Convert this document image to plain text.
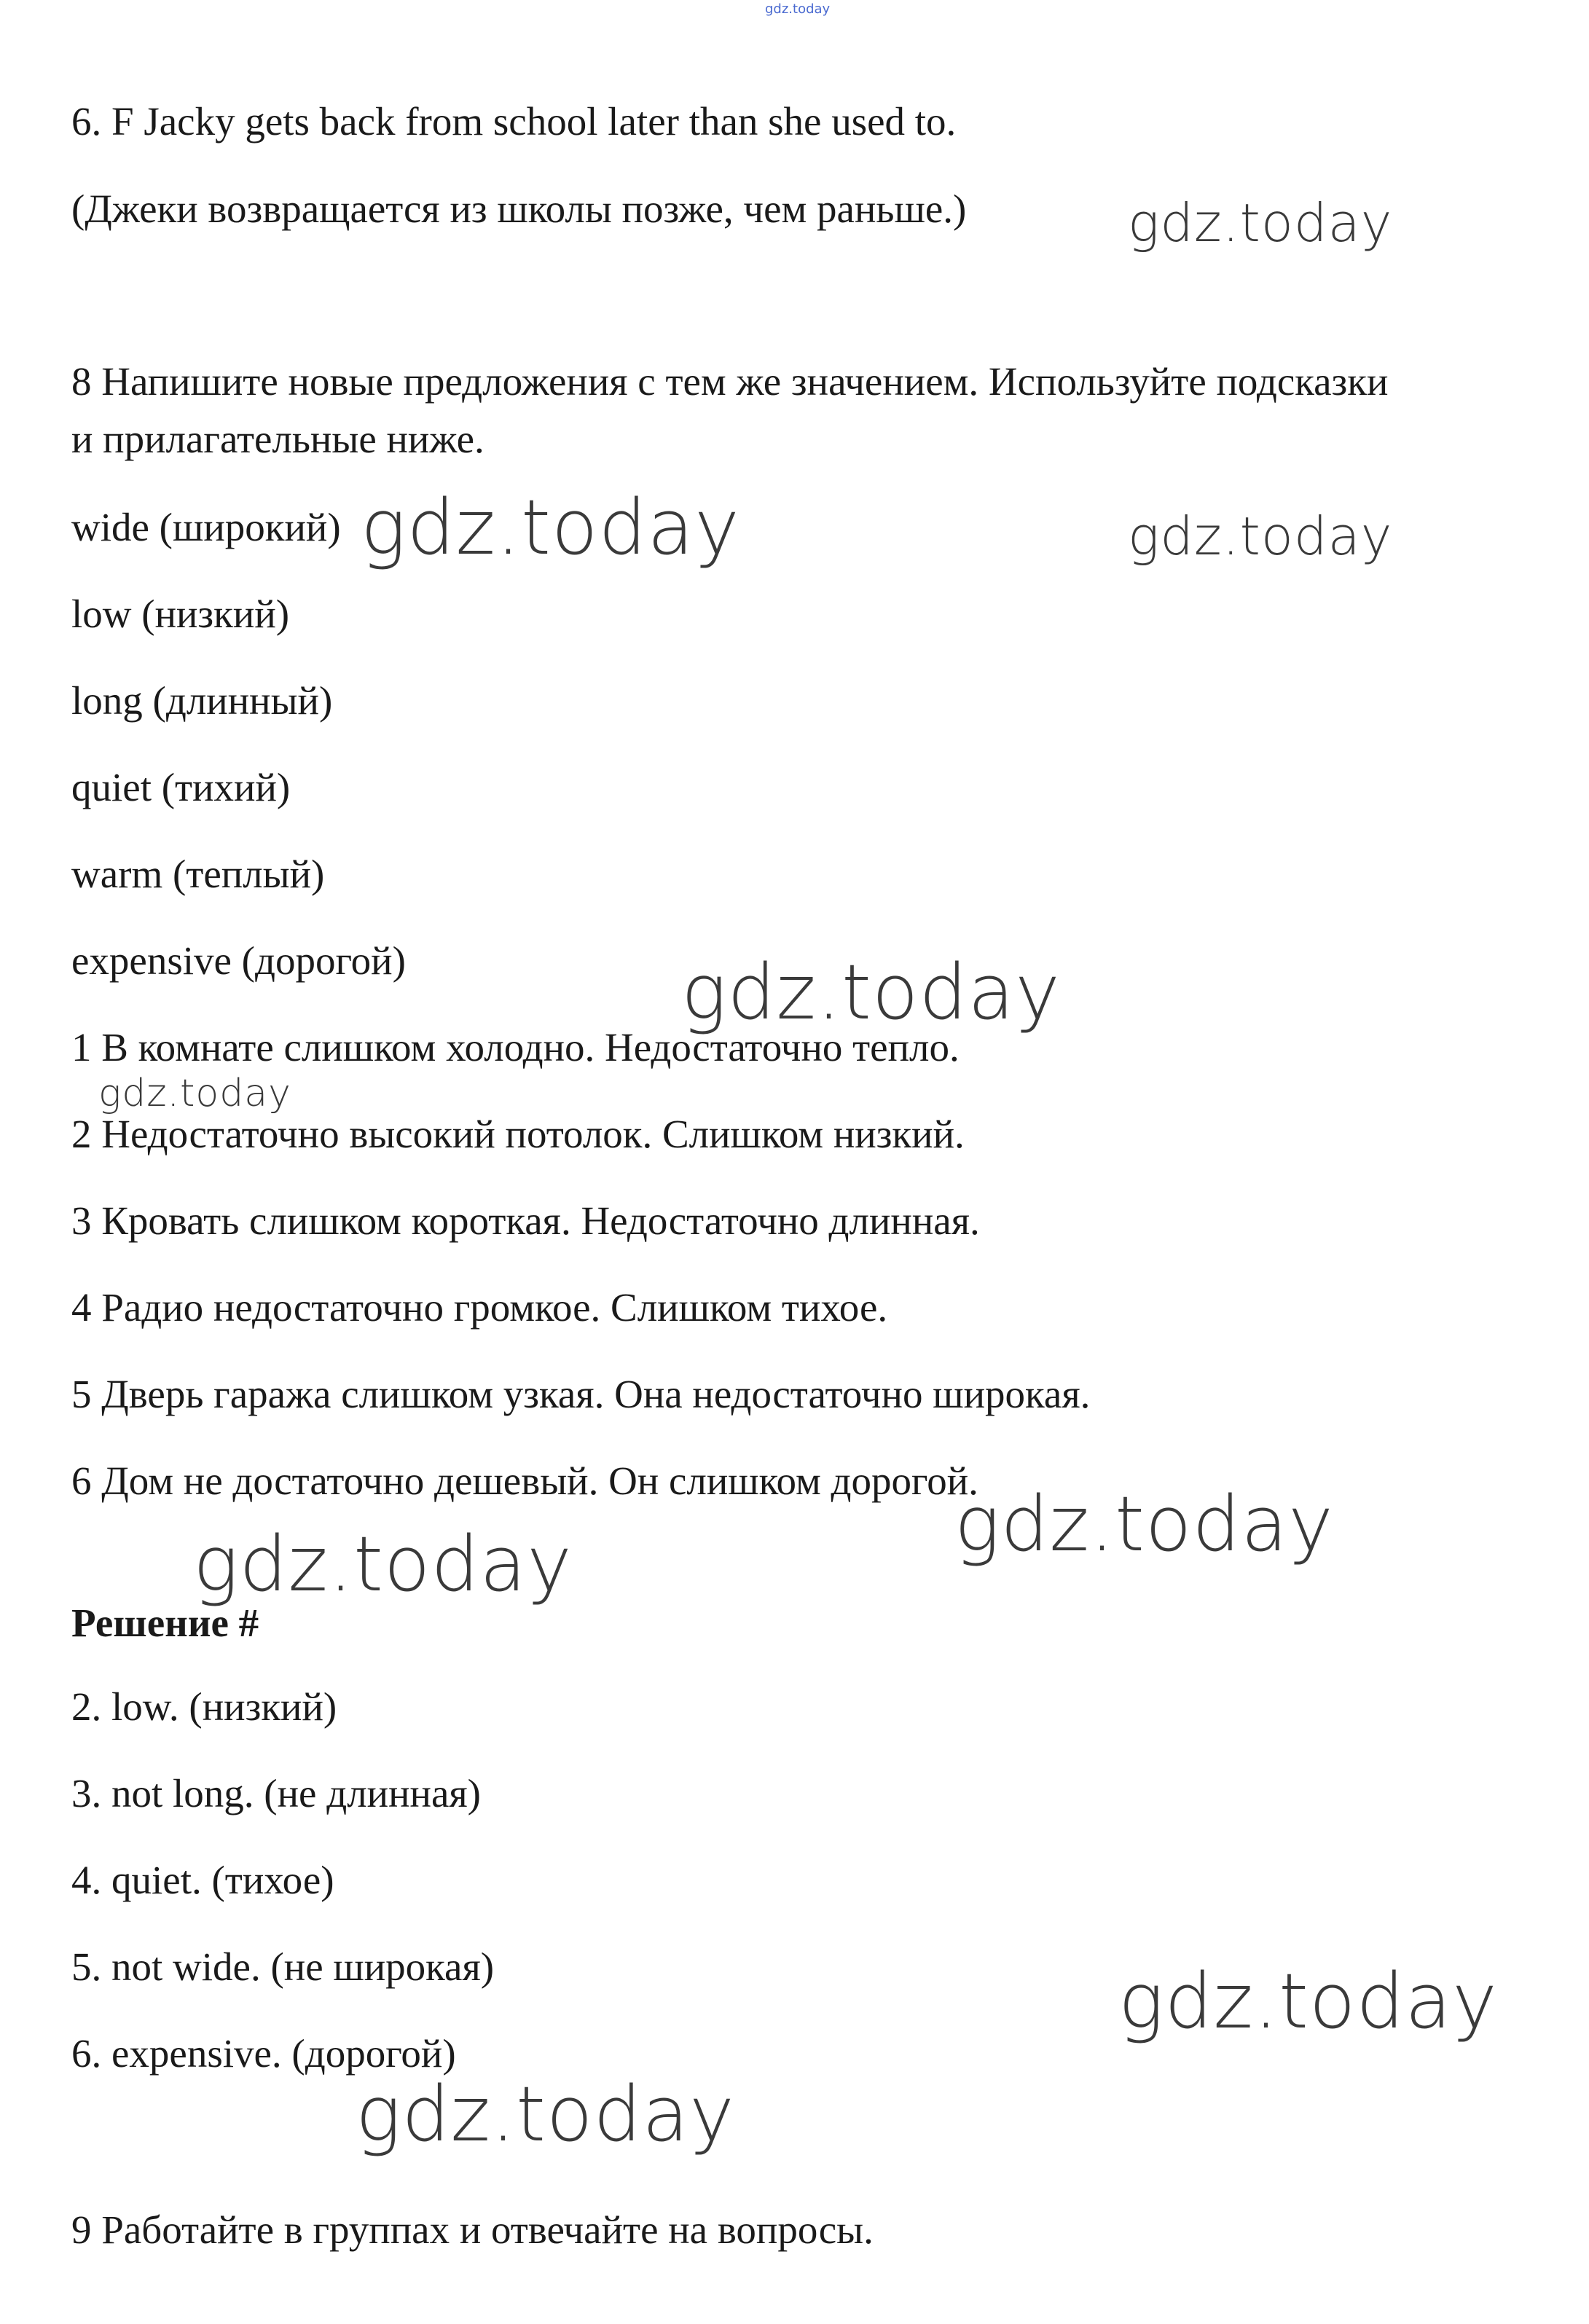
gdz.today

6. F Jacky gets back from school later than she used to.

(Джеки возвращается из школы позже, чем раньше.)

8 Напишите новые предложения с тем же значением. Используйте подсказки

и прилагательные ниже.

wide (широкий)

low (низкий)

long (длинный)

quiet (тихий)

warm (теплый)

expensive (дорогой)

1 В комнате слишком холодно. Недостаточно тепло.

2 Недостаточно высокий потолок. Слишком низкий.

3 Кровать слишком короткая. Недостаточно длинная.

4 Радио недостаточно громкое. Слишком тихое.

5 Дверь гаража слишком узкая. Она недостаточно широкая.

6 Дом не достаточно дешевый. Он слишком дорогой.

Решение #

2. low. (низкий)

3. not long. (не длинная)

4. quiet. (тихое)

5. not wide. (не широкая)

6. expensive. (дорогой)

9 Работайте в группах и отвечайте на вопросы.

gdz.today
gdz.today	gdz.today
gdz.today
gdz.today
gdz.today
gdz.today
gdz.today
gdz.today
